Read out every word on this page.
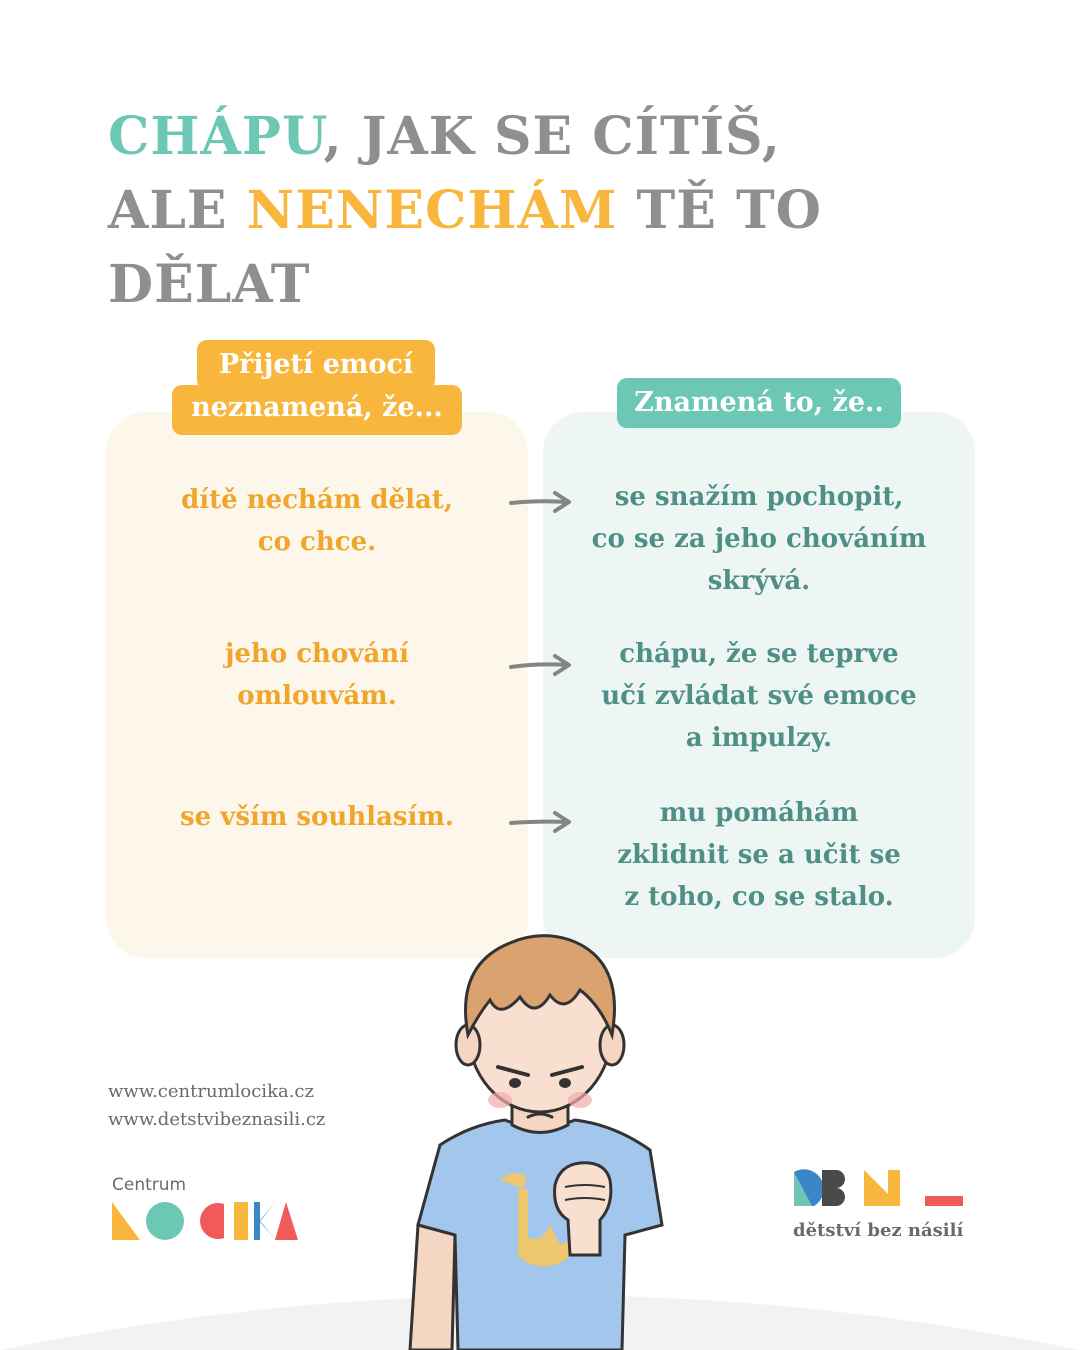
CHÁPU, JAK SE CÍTÍŠ,
ALE NENECHÁM TĚ TO DĚLAT
Přijetí emocí
neznamená, že...	Znamená to, že..
dítě nechám dělat,
co chce.
jeho chování
omlouvám.
se vším souhlasím.
se snažím pochopit,
co se za jeho chováním
skrývá.
chápu, že se teprve
učí zvládat své emoce
a impulzy.
mu pomáhám
zklidnit se a učit se
z toho, co se stalo.
www.centrumlocika.cz
www.detstvibeznasili.cz
Centrum
dětství bez násilí
